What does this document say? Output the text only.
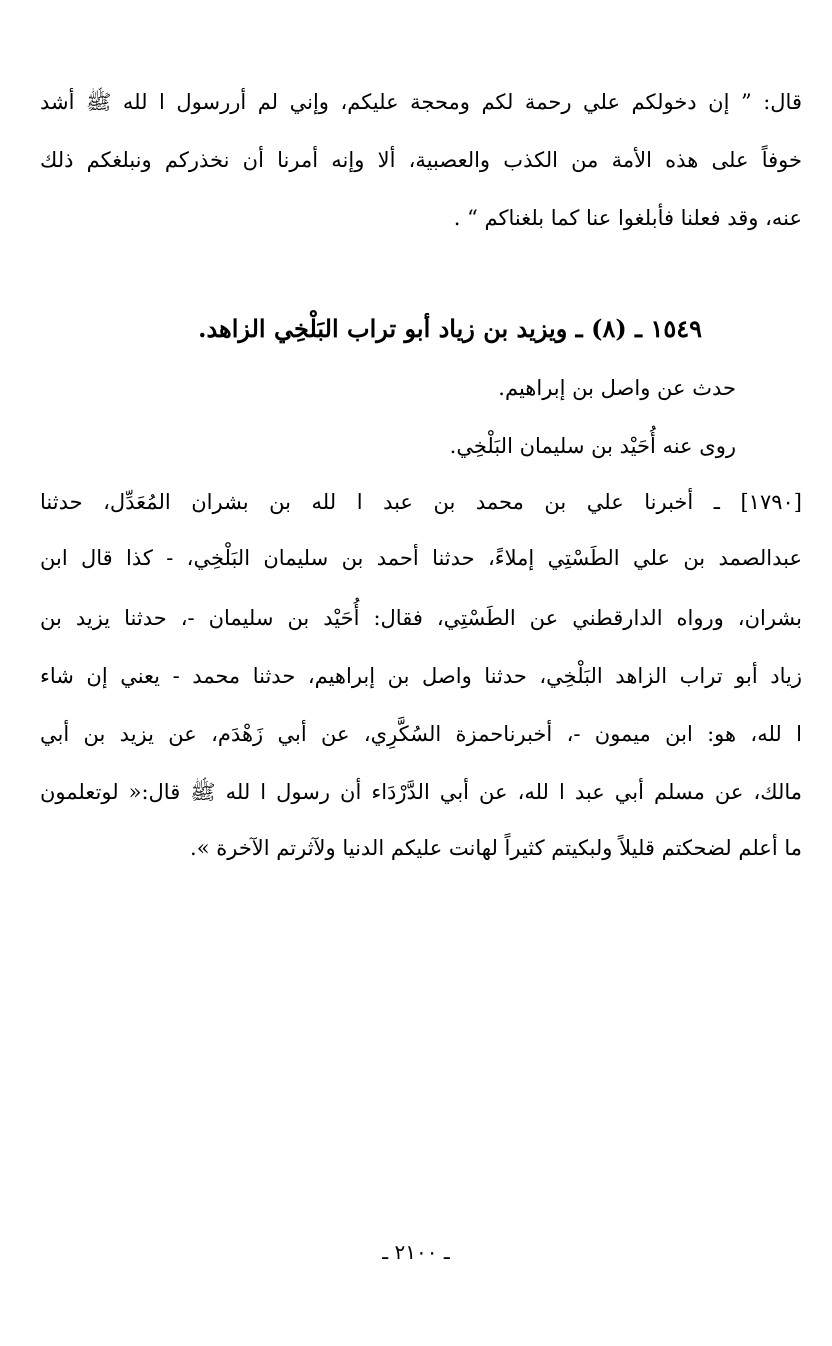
قال: ” إن دخولكم علي رحمة لكم ومحجة عليكم، وإني لم أررسول ا لله ﷺ أشد
خوفاً على هذه الأمة من الكذب والعصبية، ألا وإنه أمرنا أن نخذركم ونبلغكم ذلك
عنه، وقد فعلنا فأبلغوا عنا كما بلغناكم “ .
١٥٤٩ ـ (٨) ـ ويزيد بن زياد أبو تراب البَلْخِي الزاهد.
حدث عن واصل بن إبراهيم.
روى عنه أُحَيْد بن سليمان البَلْخِي.
[١٧٩٠] ـ أخبرنا علي بن محمد بن عبد ا لله بن بشران المُعَدِّل، حدثنا
عبدالصمد بن علي الطَسْتِي إملاءً، حدثنا أحمد بن سليمان البَلْخِي، - كذا قال ابن
بشران، ورواه الدارقطني عن الطَسْتِي، فقال: أُحَيْد بن سليمان -، حدثنا يزيد بن
زياد أبو تراب الزاهد البَلْخِي، حدثنا واصل بن إبراهيم، حدثنا محمد - يعني إن شاء
ا لله، هو: ابن ميمون -، أخبرناحمزة السُكَّرِي، عن أبي زَهْدَم، عن يزيد بن أبي
مالك، عن مسلم أبي عبد ا لله، عن أبي الدَّرْدَاء أن رسول ا لله ﷺ قال:« لوتعلمون
ما أعلم لضحكتم قليلاً ولبكيتم كثيراً لهانت عليكم الدنيا ولآثرتم الآخرة ».
ـ ٢١٠٠ ـ
